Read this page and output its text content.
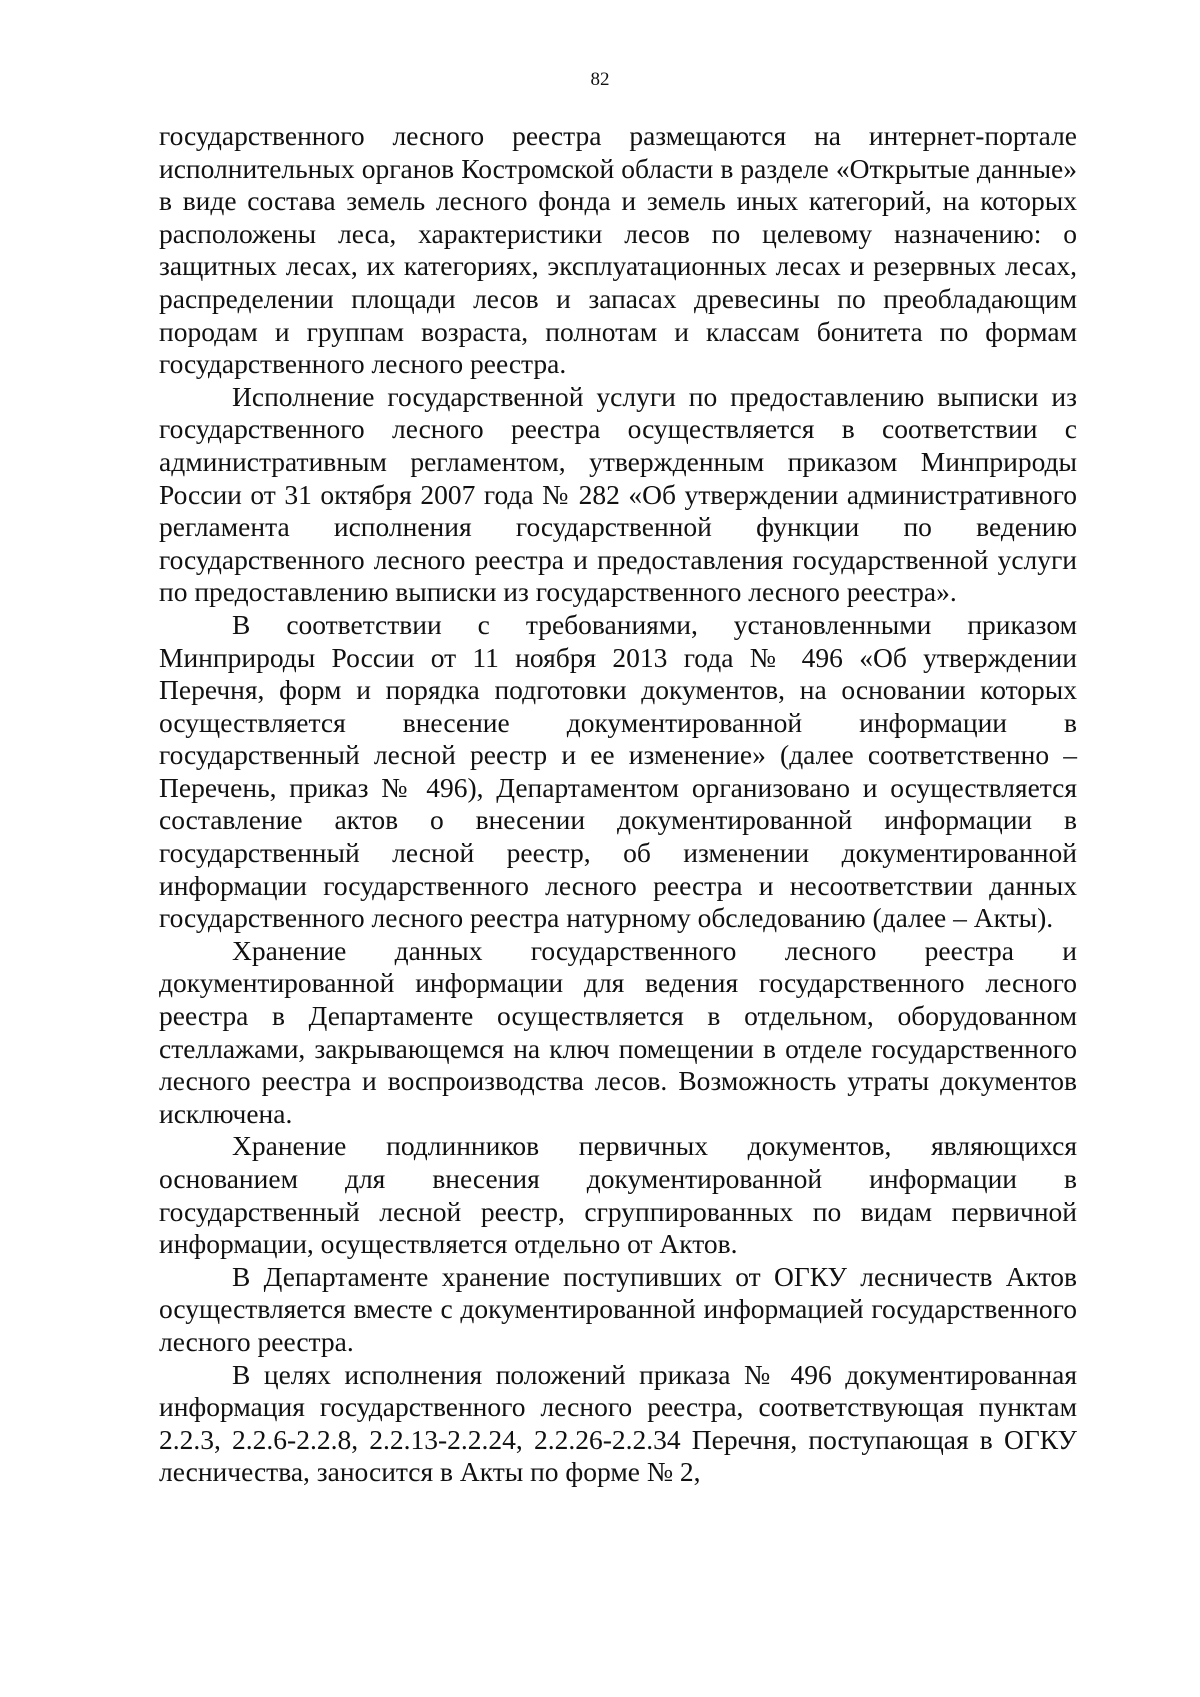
82

государственного лесного реестра размещаются на интернет-портале исполнительных органов Костромской области в разделе «Открытые данные» в виде состава земель лесного фонда и земель иных категорий, на которых расположены леса, характеристики лесов по целевому назначению: о защитных лесах, их категориях, эксплуатационных лесах и резервных лесах, распределении площади лесов и запасах древесины по преобладающим породам и группам возраста, полнотам и классам бонитета по формам государственного лесного реестра.

Исполнение государственной услуги по предоставлению выписки из государственного лесного реестра осуществляется в соответствии с административным регламентом, утвержденным приказом Минприроды России от 31 октября 2007 года № 282 «Об утверждении административного регламента исполнения государственной функции по ведению государственного лесного реестра и предоставления государственной услуги по предоставлению выписки из государственного лесного реестра».

В соответствии с требованиями, установленными приказом Минприроды России от 11 ноября 2013 года № 496 «Об утверждении Перечня, форм и порядка подготовки документов, на основании которых осуществляется внесение документированной информации в государственный лесной реестр и ее изменение» (далее соответственно – Перечень, приказ № 496), Департаментом организовано и осуществляется составление актов о внесении документированной информации в государственный лесной реестр, об изменении документированной информации государственного лесного реестра и несоответствии данных государственного лесного реестра натурному обследованию (далее – Акты).

Хранение данных государственного лесного реестра и документированной информации для ведения государственного лесного реестра в Департаменте осуществляется в отдельном, оборудованном стеллажами, закрывающемся на ключ помещении в отделе государственного лесного реестра и воспроизводства лесов. Возможность утраты документов исключена.

Хранение подлинников первичных документов, являющихся основанием для внесения документированной информации в государственный лесной реестр, сгруппированных по видам первичной информации, осуществляется отдельно от Актов.

В Департаменте хранение поступивших от ОГКУ лесничеств Актов осуществляется вместе с документированной информацией государственного лесного реестра.

В целях исполнения положений приказа № 496 документированная информация государственного лесного реестра, соответствующая пунктам 2.2.3, 2.2.6-2.2.8, 2.2.13-2.2.24, 2.2.26-2.2.34 Перечня, поступающая в ОГКУ лесничества, заносится в Акты по форме № 2,
